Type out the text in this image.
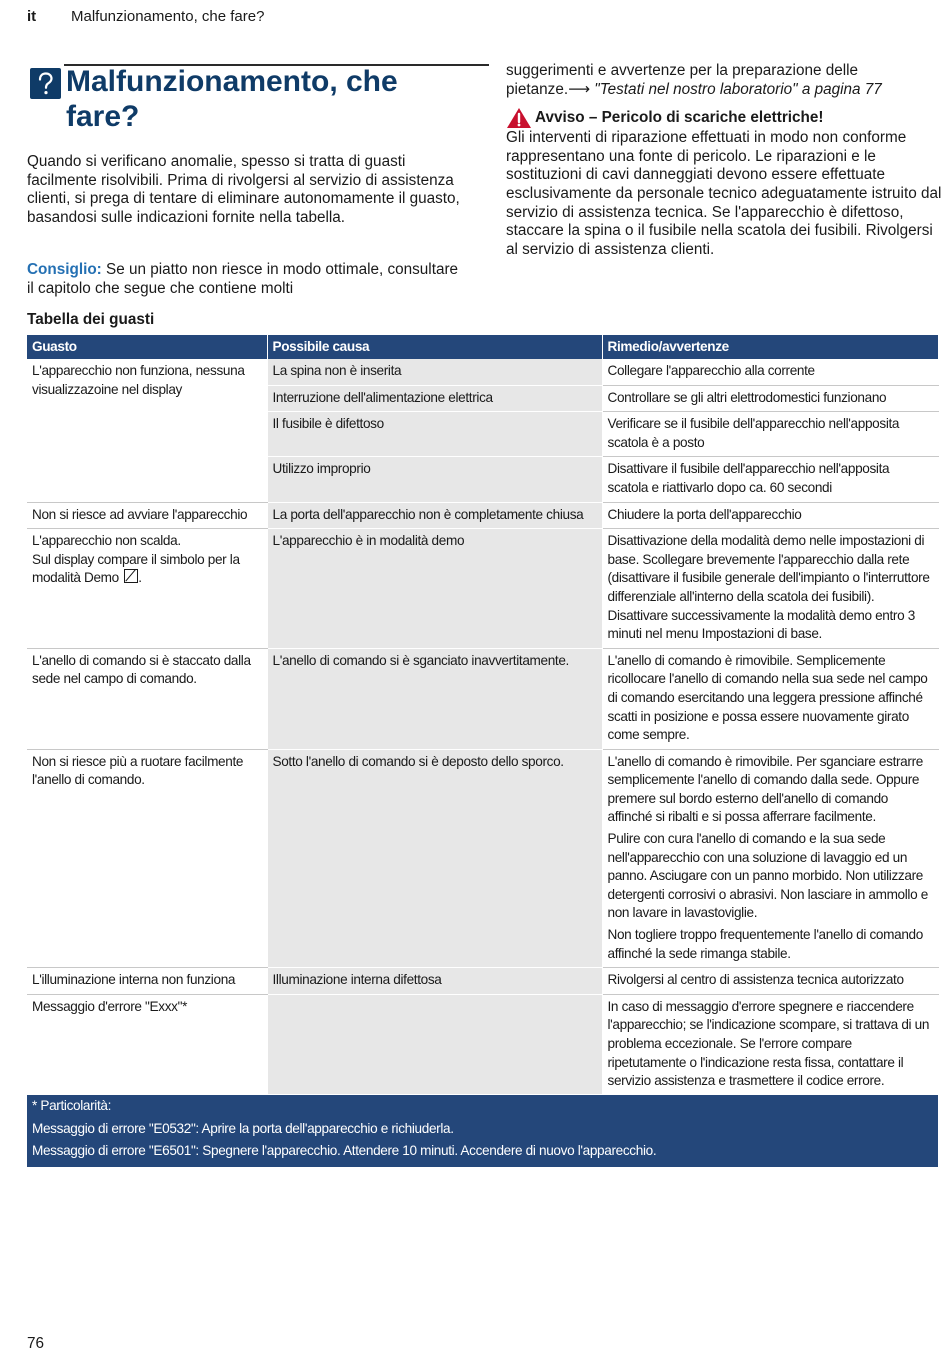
it Malfunzionamento, che fare?
Malfunzionamento, che fare?

Quando si verificano anomalie, spesso si tratta di guasti facilmente risolvibili. Prima di rivolgersi al servizio di assistenza clienti, si prega di tentare di eliminare autonomamente il guasto, basandosi sulle indicazioni fornite nella tabella.

Consiglio: Se un piatto non riesce in modo ottimale, consultare il capitolo che segue che contiene molti

suggerimenti e avvertenze per la preparazione delle pietanze.⟶ "Testati nel nostro laboratorio" a pagina 77
Avviso – Pericolo di scariche elettriche!

Gli interventi di riparazione effettuati in modo non conforme rappresentano una fonte di pericolo. Le riparazioni e le sostituzioni di cavi danneggiati devono essere effettuate esclusivamente da personale tecnico adeguatamente istruito dal servizio di assistenza tecnica. Se l'apparecchio è difettoso, staccare la spina o il fusibile nella scatola dei fusibili. Rivolgersi al servizio di assistenza clienti.

Tabella dei guasti
Guasto	Possibile causa	Rimedio/avvertenze
L'apparecchio non funziona, nessuna visualizzazoine nel display	La spina non è inserita	Collegare l'apparecchio alla corrente
	Interruzione dell'alimentazione elettrica	Controllare se gli altri elettrodomestici funzionano
	Il fusibile è difettoso	Verificare se il fusibile dell'apparecchio nell'apposita scatola è a posto
	Utilizzo improprio	Disattivare il fusibile dell'apparecchio nell'apposita scatola e riattivarlo dopo ca. 60 secondi
Non si riesce ad avviare l'apparecchio	La porta dell'apparecchio non è completamente chiusa	Chiudere la porta dell'apparecchio

L'apparecchio non scalda.
Sul display compare il simbolo per la modalità Demo .	L'apparecchio è in modalità demo	Disattivazione della modalità demo nelle impostazioni di base. Scollegare brevemente l'apparecchio dalla rete (disattivare il fusibile generale dell'impianto o l'interruttore differenziale all'interno della scatola dei fusibili). Disattivare successivamente la modalità demo entro 3 minuti nel menu Impostazioni di base.
L'anello di comando si è staccato dalla sede nel campo di comando.	L'anello di comando si è sganciato inavvertitamente.	L'anello di comando è rimovibile. Semplicemente ricollocare l'anello di comando nella sua sede nel campo di comando esercitando una leggera pressione affinché scatti in posizione e possa essere nuovamente girato come sempre.
Non si riesce più a ruotare facilmente l'anello di comando.	Sotto l'anello di comando si è deposto dello sporco.	L'anello di comando è rimovibile. Per sganciare estrarre semplicemente l'anello di comando dalla sede. Oppure premere sul bordo esterno dell'anello di comando affinché si ribalti e si possa afferrare facilmente.

Pulire con cura l'anello di comando e la sua sede nell'apparecchio con una soluzione di lavaggio ed un panno. Asciugare con un panno morbido. Non utilizzare detergenti corrosivi o abrasivi. Non lasciare in ammollo e non lavare in lavastoviglie.

Non togliere troppo frequentemente l'anello di comando affinché la sede rimanga stabile.

L'illuminazione interna non funziona	Illuminazione interna difettosa	Rivolgersi al centro di assistenza tecnica autorizzato
Messaggio d'errore "Exxx"*		In caso di messaggio d'errore spegnere e riaccendere l'apparecchio; se l'indicazione scompare, si trattava di un problema eccezionale. Se l'errore compare ripetutamente o l'indicazione resta fissa, contattare il servizio assistenza e trasmettere il codice errore.

* Particolarità:
Messaggio di errore "E0532": Aprire la porta dell'apparecchio e richiuderla.
Messaggio di errore "E6501": Spegnere l'apparecchio. Attendere 10 minuti. Accendere di nuovo l'apparecchio.		
76
